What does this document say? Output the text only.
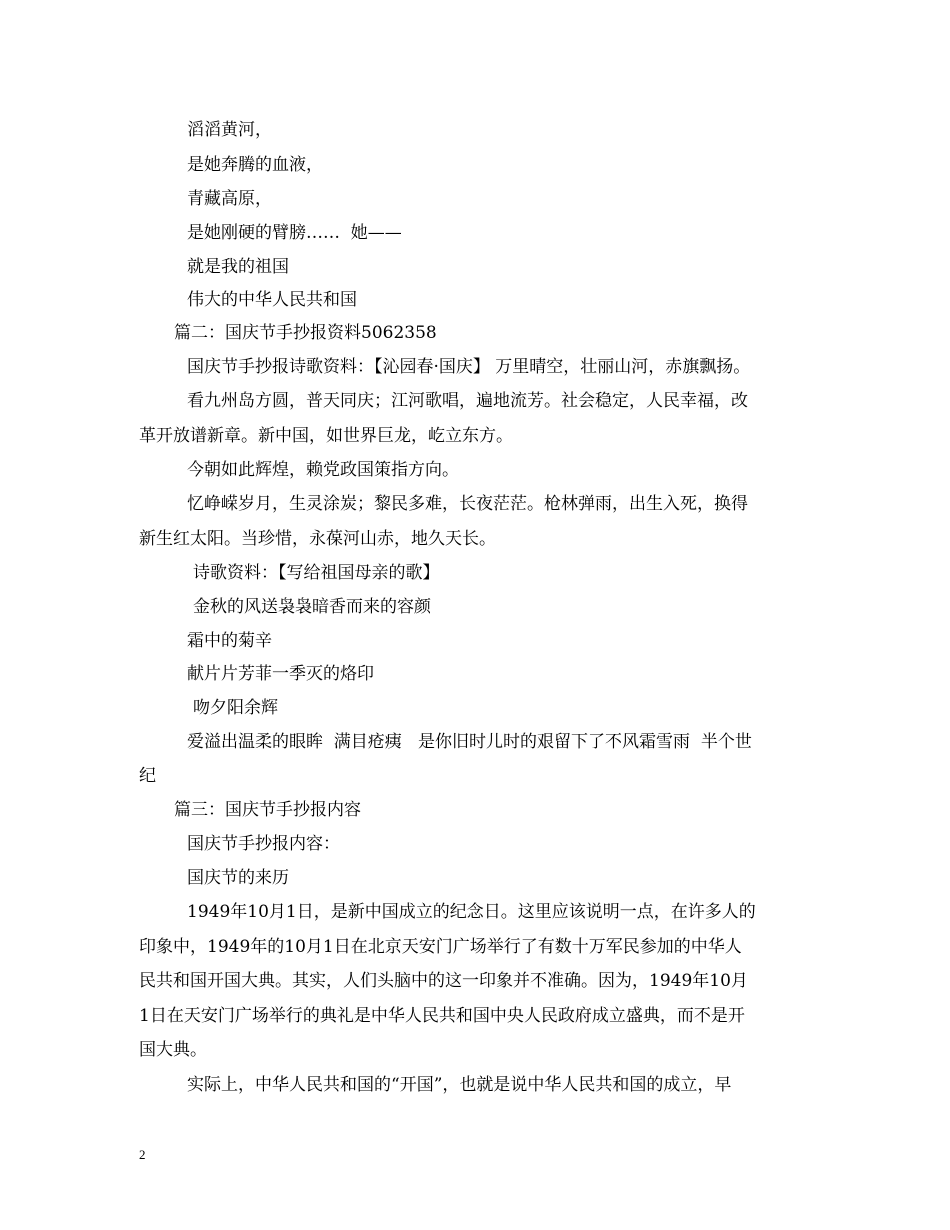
滔滔黄河，
是她奔腾的血液，
青藏高原，
是她刚硬的臂膀……  她——
就是我的祖国
伟大的中华人民共和国
篇二：国庆节手抄报资料5062358
国庆节手抄报诗歌资料：【沁园春·国庆】 万里晴空，壮丽山河，赤旗飘扬。
看九州岛方圆，普天同庆；江河歌唱，遍地流芳。社会稳定，人民幸福，改
革开放谱新章。新中国，如世界巨龙，屹立东方。
今朝如此辉煌，赖党政国策指方向。
忆峥嵘岁月，生灵涂炭；黎民多难，长夜茫茫。枪林弹雨，出生入死，换得
新生红太阳。当珍惜，永葆河山赤，地久天长。
诗歌资料：【写给祖国母亲的歌】
金秋的风送袅袅暗香而来的容颜
霜中的菊辛
献片片芳菲一季灭的烙印
吻夕阳余辉
爱溢出温柔的眼眸  满目疮痍   是你旧时儿时的艰留下了不风霜雪雨  半个世
纪
篇三：国庆节手抄报内容
国庆节手抄报内容：
国庆节的来历
1949年10月1日，是新中国成立的纪念日。这里应该说明一点，在许多人的
印象中，1949年的10月1日在北京天安门广场举行了有数十万军民参加的中华人
民共和国开国大典。其实，人们头脑中的这一印象并不准确。因为，1949年10月
1日在天安门广场举行的典礼是中华人民共和国中央人民政府成立盛典，而不是开
国大典。
实际上，中华人民共和国的“开国”，也就是说中华人民共和国的成立，早
2
